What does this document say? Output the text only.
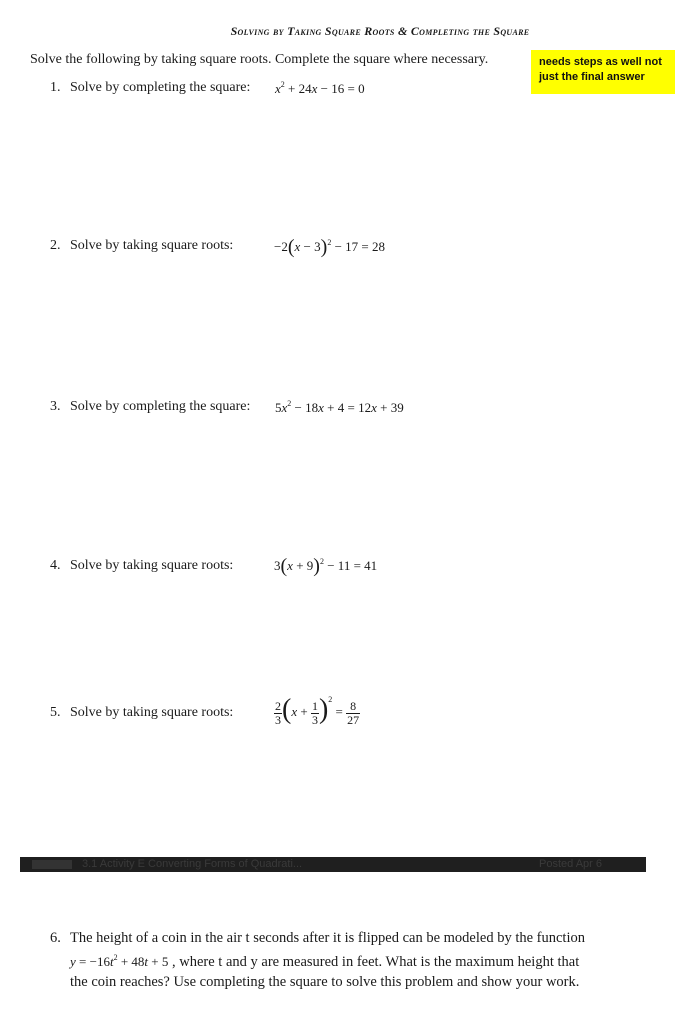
Solving by Taking Square Roots & Completing the Square
Solve the following by taking square roots. Complete the square where necessary.	needs steps as well not just the final answer
1. Solve by completing the square: $x^2 + 24x - 16 = 0$
2. Solve by taking square roots:	$-2(x - 3)^2 - 17 = 28$
3. Solve by completing the square: $5x^2 - 18x + 4 = 12x + 39$
4. Solve by taking square roots:	$3(x + 9)^2 - 11 = 41$
5. Solve by taking square roots:	$\frac{2}{3} (x + \frac{1}{3} )^2 = \frac{8}{27}$
3.1 Activity E Converting Forms of Quadrati...	Posted Apr 6
6. The height of a coin in the air t seconds after it is flipped can be modeled by the function
$y = -16t^2 + 48t + 5$ , where t and y are measured in feet. What is the maximum height that
the coin reaches? Use completing the square to solve this problem and show your work.
